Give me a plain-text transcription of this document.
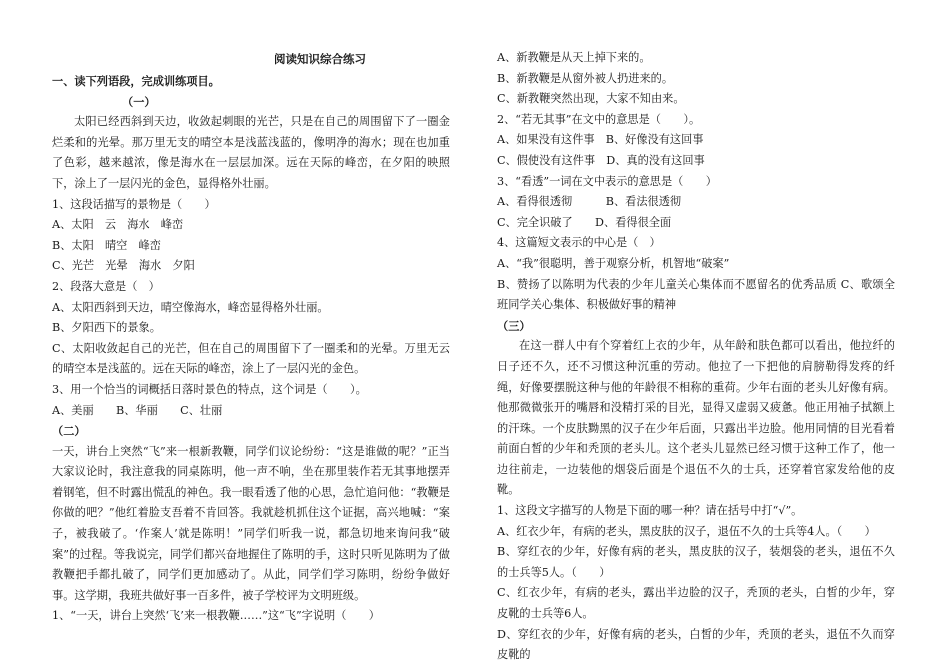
阅读知识综合练习

一、读下列语段，完成训练项目。

（一）

太阳已经西斜到天边，收敛起刺眼的光芒，只是在自己的周围留下了一圈金烂柔和的光晕。那万里无支的晴空本是浅蓝浅蓝的，像明净的海水；现在也加重了色彩，越来越浓，像是海水在一层层加深。远在天际的峰峦，在夕阳的映照下，涂上了一层闪光的金色，显得格外壮丽。

1、这段话描写的景物是（　　）

A、太阳　云　海水　峰峦

B、太阳　晴空　峰峦

C、光芒　光晕　海水　夕阳

2、段落大意是（　）

A、太阳西斜到天边，晴空像海水，峰峦显得格外壮丽。

B、夕阳西下的景象。

C、太阳收敛起自己的光芒，但在自己的周围留下了一圈柔和的光晕。万里无云的晴空本是浅蓝的。远在天际的峰峦，涂上了一层闪光的金色。

3、用一个恰当的词概括日落时景色的特点，这个词是（　　）。

A、美丽　　B、华丽　　C、壮丽

（二）

一天，讲台上突然“飞”来一根新教鞭，同学们议论纷纷：“这是谁做的呢？”正当大家议论时，我注意我的同桌陈明，他一声不响，坐在那里装作若无其事地摆弄着钢笔，但不时露出慌乱的神色。我一眼看透了他的心思，急忙追问他：“教鞭是你做的吧？”他红着脸支吾着不肯回答。我就趁机抓住这个证据，高兴地喊：“案子，被我破了。‘作案人’就是陈明！”同学们听我一说，都急切地来询问我“破案”的过程。等我说完，同学们都兴奋地握住了陈明的手，这时只听见陈明为了做教鞭把手都扎破了，同学们更加感动了。从此，同学们学习陈明，纷纷争做好事。这学期，我班共做好事一百多件，被子学校评为文明班级。

1、“一天，讲台上突然‘飞’来一根教鞭……”这“飞”字说明（　　）

A、新教鞭是从天上掉下来的。

B、新教鞭是从窗外被人扔进来的。

C、新教鞭突然出现，大家不知由来。

2、“若无其事”在文中的意思是（　　）。

A、如果没有这件事　B、好像没有这回事

C、假使没有这件事　D、真的没有这回事

3、“看透”一词在文中表示的意思是（　　）

A、看得很透彻　　　B、看法很透彻

C、完全识破了　　D、看得很全面

4、这篇短文表示的中心是（　）

A、“我”很聪明，善于观察分析，机智地“破案”

B、赞扬了以陈明为代表的少年儿童关心集体而不愿留名的优秀品质 C、歌颂全班同学关心集体、积极做好事的精神

（三）

在这一群人中有个穿着红上衣的少年，从年龄和肤色都可以看出，他拉纤的日子还不久，还不习惯这种沉重的劳动。他拉了一下把他的肩膀勒得发疼的纤绳，好像要摆脱这种与他的年龄很不相称的重荷。少年右面的老头儿好像有病。他那微微张开的嘴唇和没精打采的目光，显得又虚弱又疲惫。他正用袖子拭额上的汗珠。一个皮肤黝黑的汉子在少年后面，只露出半边脸。他用同情的目光看着前面白皙的少年和秃顶的老头儿。这个老头儿显然已经习惯于这种工作了，他一边往前走，一边装他的烟袋后面是个退伍不久的士兵，还穿着官家发给他的皮靴。

1、这段文字描写的人物是下面的哪一种？请在括号中打“√”。

A、红衣少年，有病的老头，黑皮肤的汉子，退伍不久的士兵等4人。（　　）

B、穿红衣的少年，好像有病的老头，黑皮肤的汉子，装烟袋的老头，退伍不久的士兵等5人。（　　）

C、红衣少年，有病的老头，露出半边脸的汉子，秃顶的老头，白皙的少年，穿皮靴的士兵等6人。

D、穿红衣的少年，好像有病的老头，白皙的少年，秃顶的老头，退伍不久而穿皮靴的
